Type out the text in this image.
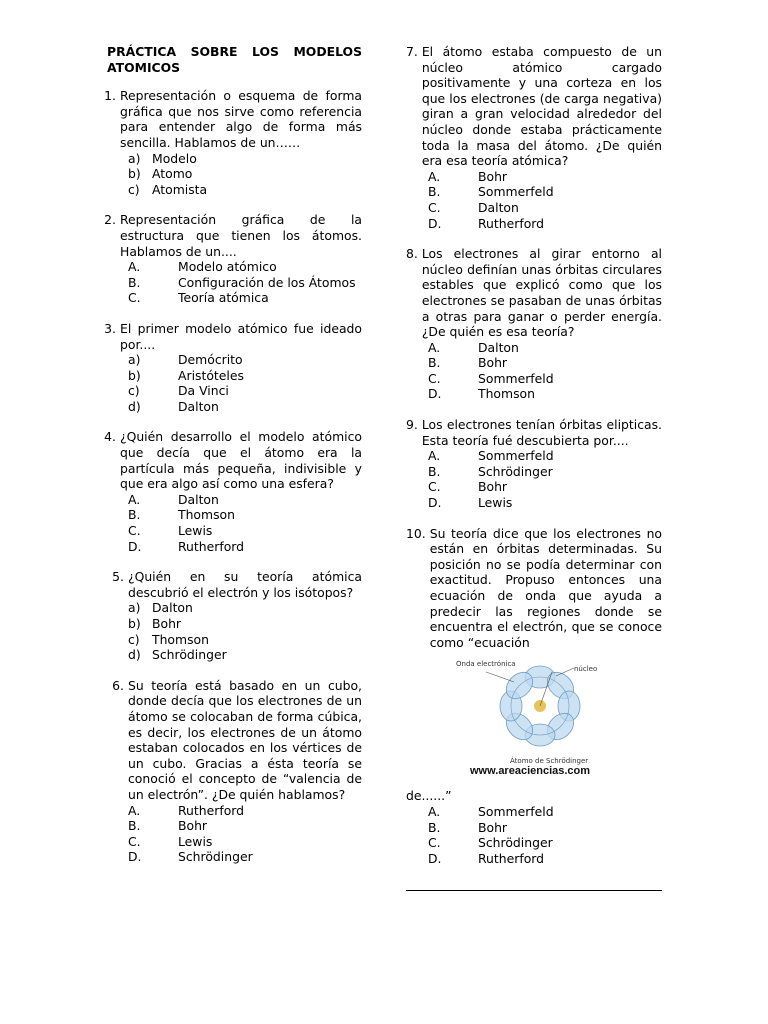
PRÁCTICA SOBRE LOS MODELOS ATOMICOS
1. Representación o esquema de forma gráfica que nos sirve como referencia para entender algo de forma más sencilla. Hablamos de un……
a) Modelo
b) Atomo
c) Atomista
2. Representación gráfica de la estructura que tienen los átomos. Hablamos de un....
A.	Modelo atómico
B.	Configuración de los Átomos
C.	Teoría atómica
3. El primer modelo atómico fue ideado por....
a)	Demócrito
b)	Aristóteles
c)	Da Vinci
d)	Dalton
4. ¿Quién desarrollo el modelo atómico que decía que el átomo era la partícula más pequeña, indivisible y que era algo así como una esfera?
A.	Dalton
B.	Thomson
C.	Lewis
D.	Rutherford
5. ¿Quién en su teoría atómica descubrió el electrón y los isótopos?
a) Dalton
b) Bohr
c) Thomson
d) Schrödinger
6. Su teoría está basado en un cubo, donde decía que los electrones de un átomo se colocaban de forma cúbica, es decir, los electrones de un átomo estaban colocados en los vértices de un cubo. Gracias a ésta teoría se conoció el concepto de “valencia de un electrón”. ¿De quién hablamos?
A.	Rutherford
B.	Bohr
C.	Lewis
D.	Schrödinger
7. El átomo estaba compuesto de un núcleo atómico cargado positivamente y una corteza en los que los electrones (de carga negativa) giran a gran velocidad alrededor del núcleo donde estaba prácticamente toda la masa del átomo. ¿De quién era esa teoría atómica?
A.	Bohr
B.	Sommerfeld
C.	Dalton
D.	Rutherford
8. Los electrones al girar entorno al núcleo definían unas órbitas circulares estables que explicó como que los electrones se pasaban de unas órbitas a otras para ganar o perder energía. ¿De quién es esa teoría?
A.	Dalton
B.	Bohr
C.	Sommerfeld
D.	Thomson
9. Los electrones tenían órbitas elipticas. Esta teoría fué descubierta por....
A.	Sommerfeld
B.	Schrödinger
C.	Bohr
D.	Lewis
10. Su teoría dice que los electrones no están en órbitas determinadas. Su posición no se podía determinar con exactitud. Propuso entonces una ecuación de onda que ayuda a predecir las regiones donde se encuentra el electrón, que se conoce como “ecuación
Onda electrónica
núcleo
Átomo de Schrödinger
www.areaciencias.com
de......”
A.	Sommerfeld
B.	Bohr
C.	Schrödinger
D.	Rutherford
